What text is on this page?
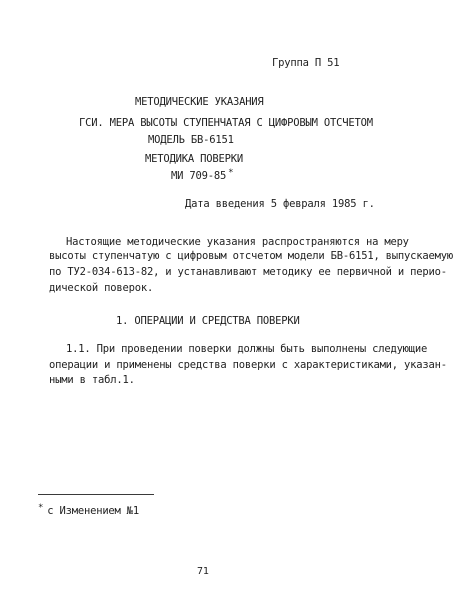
Группа П 51
МЕТОДИЧЕСКИЕ УКАЗАНИЯ
ГСИ. МЕРА ВЫСОТЫ СТУПЕНЧАТАЯ С ЦИФРОВЫМ ОТСЧЕТОМ
МОДЕЛЬ БВ-6151
МЕТОДИКА ПОВЕРКИ
МИ 709-85 *
Дата введения 5 февраля 1985 г.
Настоящие методические указания распространяются на меру
высоты ступенчатую с цифровым отсчетом модели БВ-6151, выпускаемую
по ТУ2-034-613-82, и устанавливают методику ее первичной и перио-
дической поверок.
1. ОПЕРАЦИИ И СРЕДСТВА ПОВЕРКИ
1.1. При проведении поверки должны быть выполнены следующие
операции и применены средства поверки с характеристиками, указан-
ными в табл.1.
* с Изменением №1
71
